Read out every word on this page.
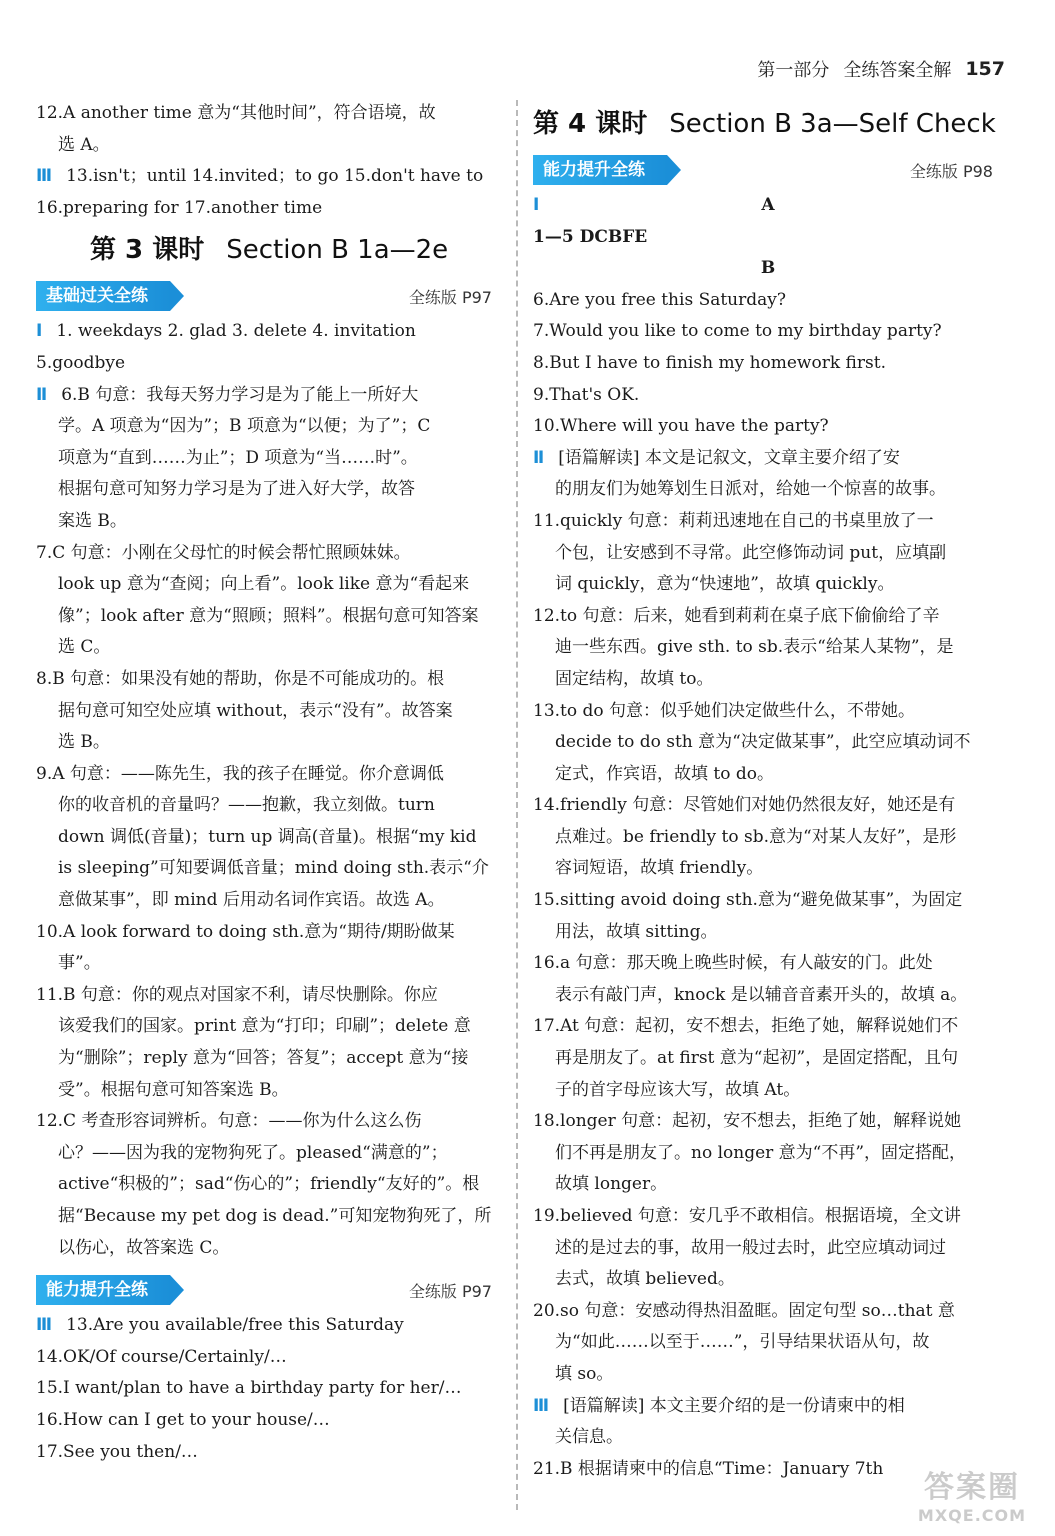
第一部分 全练答案全解 157
12.A another time 意为“其他时间”，符合语境，故
选 A。
Ⅲ 13.isn't；until 14.invited；to go 15.don't have to
16.preparing for 17.another time
第 3 课时 Section B 1a—2e
基础过关全练	全练版 P97
Ⅰ 1. weekdays 2. glad 3. delete 4. invitation
5.goodbye
Ⅱ 6.B 句意：我每天努力学习是为了能上一所好大
学。A 项意为“因为”；B 项意为“以便；为了”；C
项意为“直到……为止”；D 项意为“当……时”。
根据句意可知努力学习是为了进入好大学，故答
案选 B。
7.C 句意：小刚在父母忙的时候会帮忙照顾妹妹。
look up 意为“查阅；向上看”。look like 意为“看起来
像”；look after 意为“照顾；照料”。根据句意可知答案
选 C。
8.B 句意：如果没有她的帮助，你是不可能成功的。根
据句意可知空处应填 without，表示“没有”。故答案
选 B。
9.A 句意：——陈先生，我的孩子在睡觉。你介意调低
你的收音机的音量吗？——抱歉，我立刻做。turn
down 调低(音量)；turn up 调高(音量)。根据“my kid
is sleeping”可知要调低音量；mind doing sth.表示“介
意做某事”，即 mind 后用动名词作宾语。故选 A。
10.A look forward to doing sth.意为“期待/期盼做某
事”。
11.B 句意：你的观点对国家不利，请尽快删除。你应
该爱我们的国家。print 意为“打印；印刷”；delete 意
为“删除”；reply 意为“回答；答复”；accept 意为“接
受”。根据句意可知答案选 B。
12.C 考查形容词辨析。句意：——你为什么这么伤
心？——因为我的宠物狗死了。pleased“满意的”；
active“积极的”；sad“伤心的”；friendly“友好的”。根
据“Because my pet dog is dead.”可知宠物狗死了，所
以伤心，故答案选 C。
能力提升全练	全练版 P97
Ⅲ 13.Are you available/free this Saturday
14.OK/Of course/Certainly/…
15.I want/plan to have a birthday party for her/…
16.How can I get to your house/…
17.See you then/…
第 4 课时 Section B 3a—Self Check
能力提升全练	全练版 P98
Ⅰ	A
1—5 DCBFE
B
6.Are you free this Saturday?
7.Would you like to come to my birthday party?
8.But I have to finish my homework first.
9.That's OK.
10.Where will you have the party?
Ⅱ [语篇解读] 本文是记叙文，文章主要介绍了安
的朋友们为她筹划生日派对，给她一个惊喜的故事。
11.quickly 句意：莉莉迅速地在自己的书桌里放了一
个包，让安感到不寻常。此空修饰动词 put，应填副
词 quickly，意为“快速地”，故填 quickly。
12.to 句意：后来，她看到莉莉在桌子底下偷偷给了辛
迪一些东西。give sth. to sb.表示“给某人某物”，是
固定结构，故填 to。
13.to do 句意：似乎她们决定做些什么，不带她。
decide to do sth 意为“决定做某事”，此空应填动词不
定式，作宾语，故填 to do。
14.friendly 句意：尽管她们对她仍然很友好，她还是有
点难过。be friendly to sb.意为“对某人友好”，是形
容词短语，故填 friendly。
15.sitting avoid doing sth.意为“避免做某事”，为固定
用法，故填 sitting。
16.a 句意：那天晚上晚些时候，有人敲安的门。此处
表示有敲门声，knock 是以辅音音素开头的，故填 a。
17.At 句意：起初，安不想去，拒绝了她，解释说她们不
再是朋友了。at first 意为“起初”，是固定搭配，且句
子的首字母应该大写，故填 At。
18.longer 句意：起初，安不想去，拒绝了她，解释说她
们不再是朋友了。no longer 意为“不再”，固定搭配，
故填 longer。
19.believed 句意：安几乎不敢相信。根据语境，全文讲
述的是过去的事，故用一般过去时，此空应填动词过
去式，故填 believed。
20.so 句意：安感动得热泪盈眶。固定句型 so…that 意
为“如此……以至于……”，引导结果状语从句，故
填 so。
Ⅲ [语篇解读] 本文主要介绍的是一份请柬中的相
关信息。
21.B 根据请柬中的信息“Time：January 7th
答案圈
MXQE.COM
